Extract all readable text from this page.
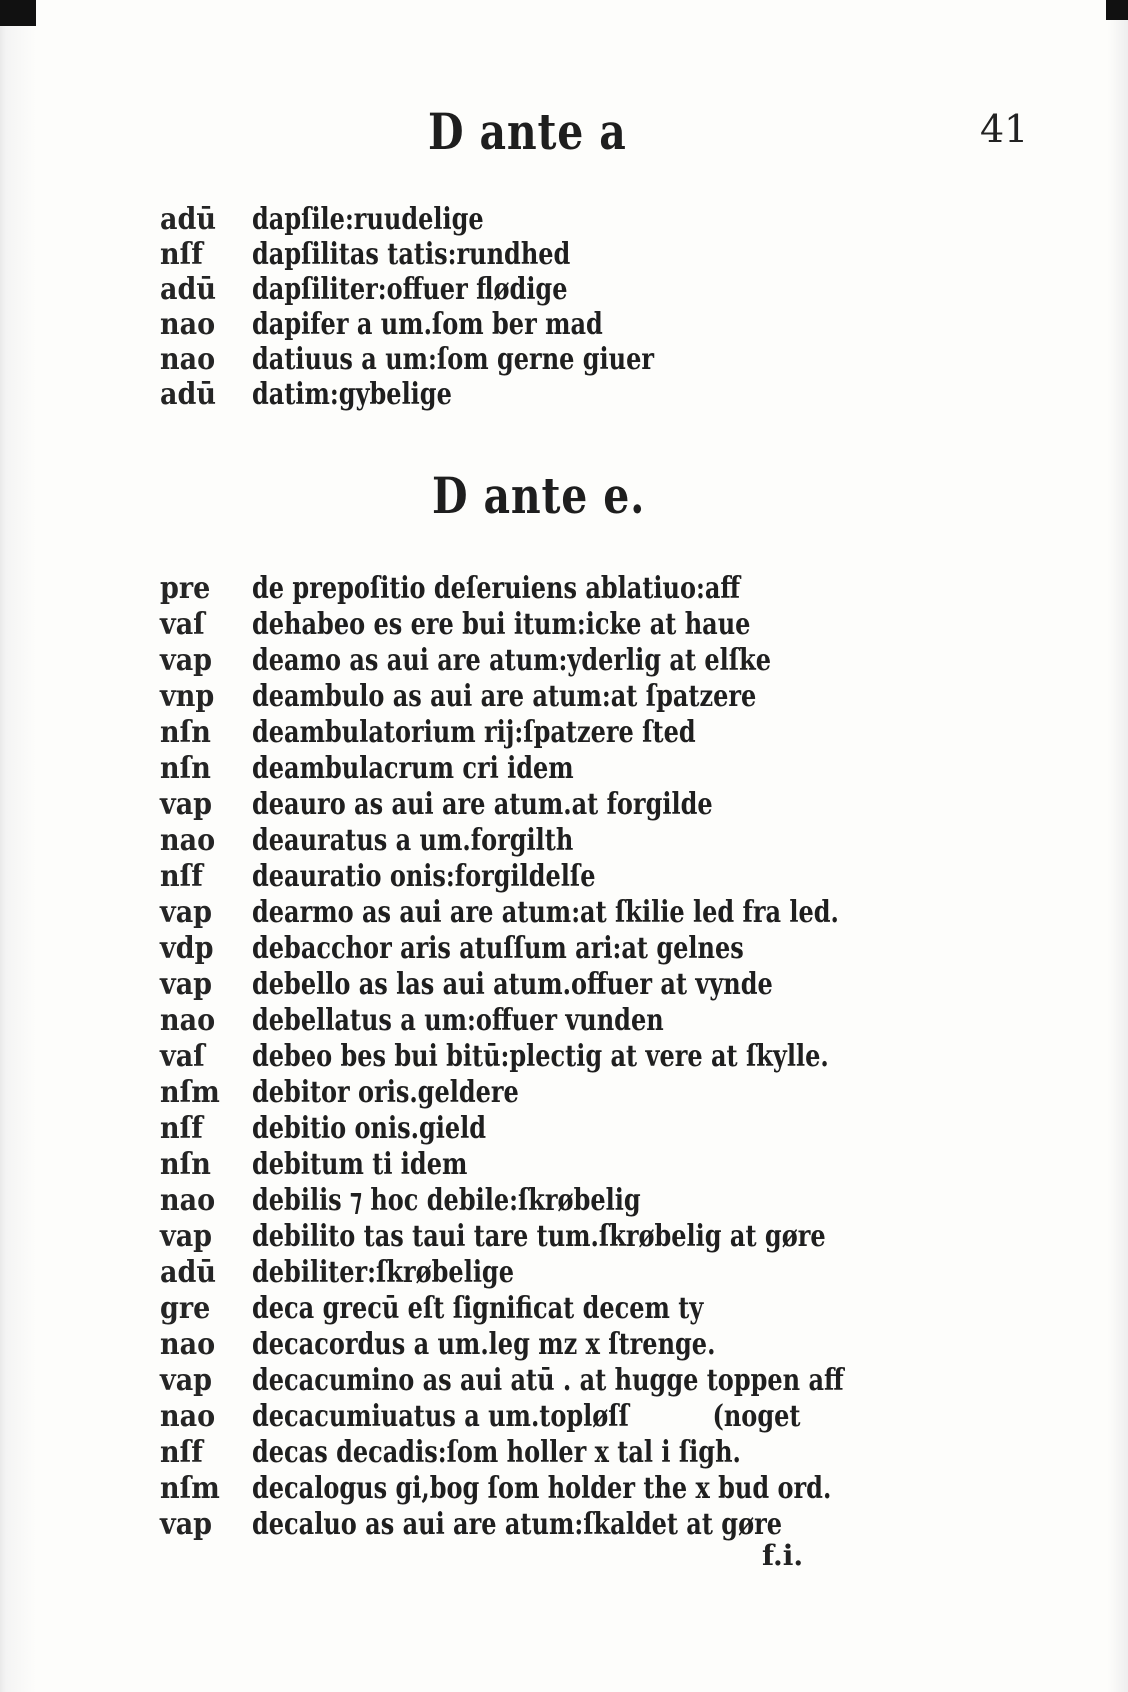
D ante a	41
adū	dapſile:ruudelige
nſf	dapſilitas tatis:rundhed
adū	dapſiliter:offuer flødige
nao	dapifer a um.ſom ber mad
nao	datiuus a um:ſom gerne giuer
adū	datim:gybelige
D ante e.
pre	de prepoſitio deſeruiens ablatiuo:aff
vaſ	dehabeo es ere bui itum:icke at haue
vap	deamo as aui are atum:yderlig at elſke
vnp	deambulo as aui are atum:at ſpatzere
nſn	deambulatorium rij:ſpatzere ſted
nſn	deambulacrum cri idem
vap	deauro as aui are atum.at forgilde
nao	deauratus a um.forgilth
nſf	deauratio onis:forgildelſe
vap	dearmo as aui are atum:at ſkilie led fra led.
vdp	debacchor aris atuſſum ari:at gelnes
vap	debello as las aui atum.offuer at vynde
nao	debellatus a um:offuer vunden
vaſ	debeo bes bui bitū:plectig at vere at ſkylle.
nſm	debitor oris.geldere
nſf	debitio onis.gield
nſn	debitum ti idem
nao	debilis ⁊ hoc debile:ſkrøbelig
vap	debilito tas taui tare tum.ſkrøbelig at gøre
adū	debiliter:ſkrøbelige
gre	deca grecū eſt ſignificat decem ty
nao	decacordus a um.leg mz x ſtrenge.
vap	decacumino as aui atū . at hugge toppen aff
nao	decacumiuatus a um.topløſſ          (noget
nſf	decas decadis:ſom holler x tal i ſigh.
nſm	decalogus gi,bog ſom holder the x bud ord.
vap	decaluo as aui are atum:ſkaldet at gøre
f.i.
